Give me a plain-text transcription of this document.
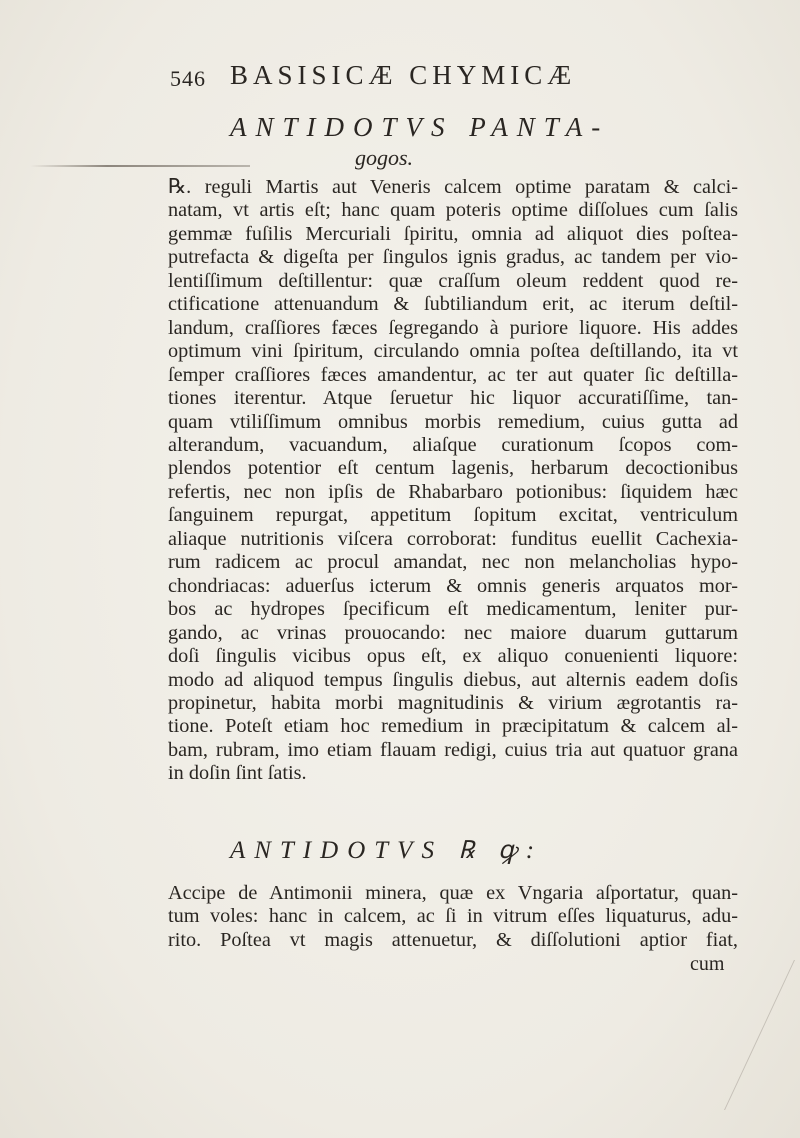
546 BASISICÆ CHYMICÆ
ANTIDOTVS PANTA-
gogos.
℞. reguli Martis aut Veneris calcem optime paratam & calci-
natam, vt artis eſt; hanc quam poteris optime diſſolues cum ſalis
gemmæ fuſilis Mercuriali ſpiritu, omnia ad aliquot dies poſtea-
putrefacta & digeſta per ſingulos ignis gradus, ac tandem per vio-
lentiſſimum deſtillentur: quæ craſſum oleum reddent quod re-
ctificatione attenuandum & ſubtiliandum erit, ac iterum deſtil-
landum, craſſiores fæces ſegregando à puriore liquore. His addes
optimum vini ſpiritum, circulando omnia poſtea deſtillando, ita vt
ſemper craſſiores fæces amandentur, ac ter aut quater ſic deſtilla-
tiones iterentur. Atque ſeruetur hic liquor accuratiſſime, tan-
quam vtiliſſimum omnibus morbis remedium, cuius gutta ad
alterandum, vacuandum, aliaſque curationum ſcopos com-
plendos potentior eſt centum lagenis, herbarum decoctionibus
refertis, nec non ipſis de Rhabarbaro potionibus: ſiquidem hæc
ſanguinem repurgat, appetitum ſopitum excitat, ventriculum
aliaque nutritionis viſcera corroborat: funditus euellit Cachexia-
rum radicem ac procul amandat, nec non melancholias hypo-
chondriacas: aduerſus icterum & omnis generis arquatos mor-
bos ac hydropes ſpecificum eſt medicamentum, leniter pur-
gando, ac vrinas prouocando: nec maiore duarum guttarum
doſi ſingulis vicibus opus eſt, ex aliquo conuenienti liquore:
modo ad aliquod tempus ſingulis diebus, aut alternis eadem doſis
propinetur, habita morbi magnitudinis & virium ægrotantis ra-
tione. Poteſt etiam hoc remedium in præcipitatum & calcem al-
bam, rubram, imo etiam flauam redigi, cuius tria aut quatuor grana
in doſin ſint ſatis.
ANTIDOTVS ℞ ꝙ:
Accipe de Antimonii minera, quæ ex Vngaria aſportatur, quan-
tum voles: hanc in calcem, ac ſi in vitrum eſſes liquaturus, adu-
rito. Poſtea vt magis attenuetur, & diſſolutioni aptior fiat,
cum
